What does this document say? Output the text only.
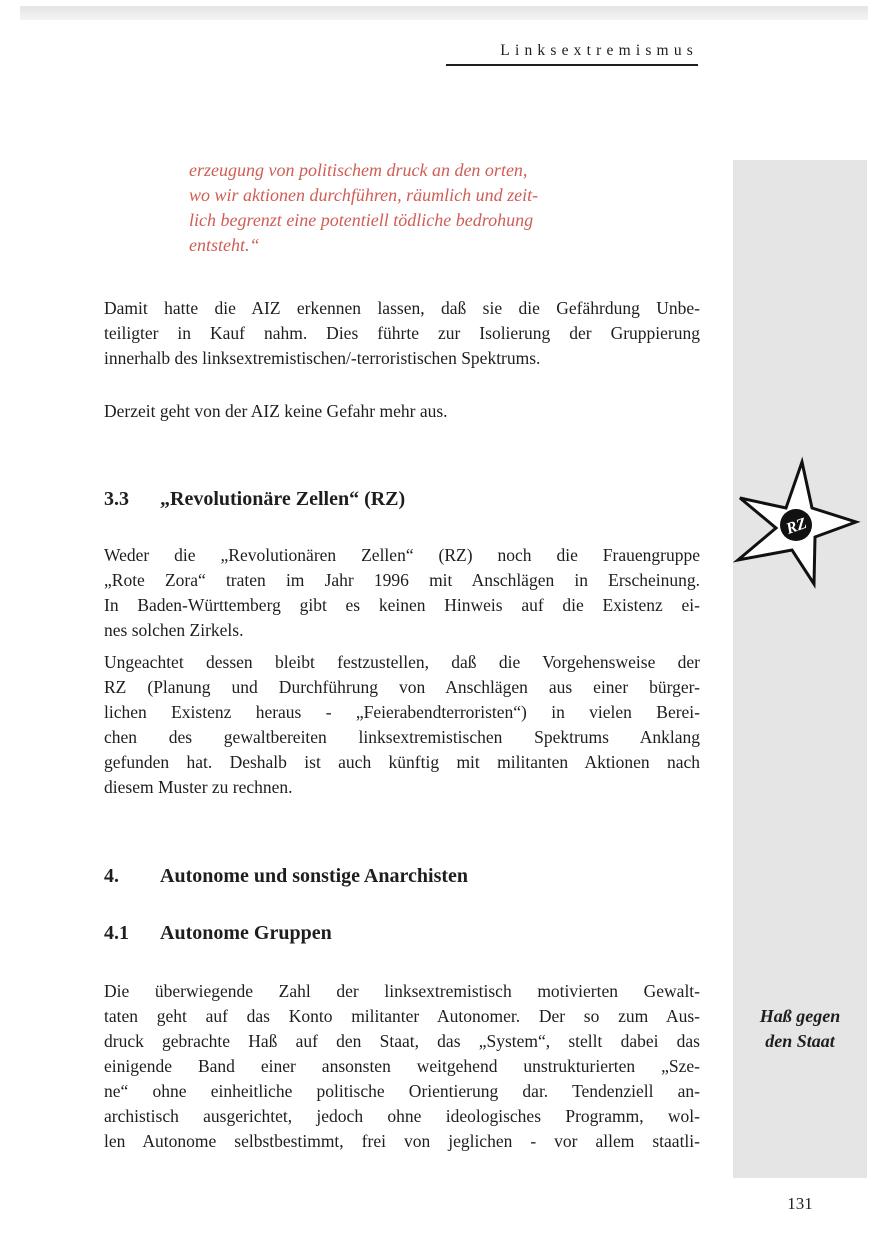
Linksextremismus
erzeugung von politischem druck an den orten,
wo wir aktionen durchführen, räumlich und zeit-
lich begrenzt eine potentiell tödliche bedrohung
entsteht.“
Damit hatte die AIZ erkennen lassen, daß sie die Gefährdung Unbe-
teiligter in Kauf nahm. Dies führte zur Isolierung der Gruppierung
innerhalb des linksextremistischen/-terroristischen Spektrums.
Derzeit geht von der AIZ keine Gefahr mehr aus.
3.3 „Revolutionäre Zellen“ (RZ)
RZ
Weder die „Revolutionären Zellen“ (RZ) noch die Frauengruppe
„Rote Zora“ traten im Jahr 1996 mit Anschlägen in Erscheinung.
In Baden-Württemberg gibt es keinen Hinweis auf die Existenz ei-
nes solchen Zirkels.
Ungeachtet dessen bleibt festzustellen, daß die Vorgehensweise der
RZ (Planung und Durchführung von Anschlägen aus einer bürger-
lichen Existenz heraus - „Feierabendterroristen“) in vielen Berei-
chen des gewaltbereiten linksextremistischen Spektrums Anklang
gefunden hat. Deshalb ist auch künftig mit militanten Aktionen nach
diesem Muster zu rechnen.
4. Autonome und sonstige Anarchisten
4.1 Autonome Gruppen
Die überwiegende Zahl der linksextremistisch motivierten Gewalt-
taten geht auf das Konto militanter Autonomer. Der so zum Aus-
druck gebrachte Haß auf den Staat, das „System“, stellt dabei das
einigende Band einer ansonsten weitgehend unstrukturierten „Sze-
ne“ ohne einheitliche politische Orientierung dar. Tendenziell an-
archistisch ausgerichtet, jedoch ohne ideologisches Programm, wol-
len Autonome selbstbestimmt, frei von jeglichen - vor allem staatli-
Haß gegen
den Staat
131
